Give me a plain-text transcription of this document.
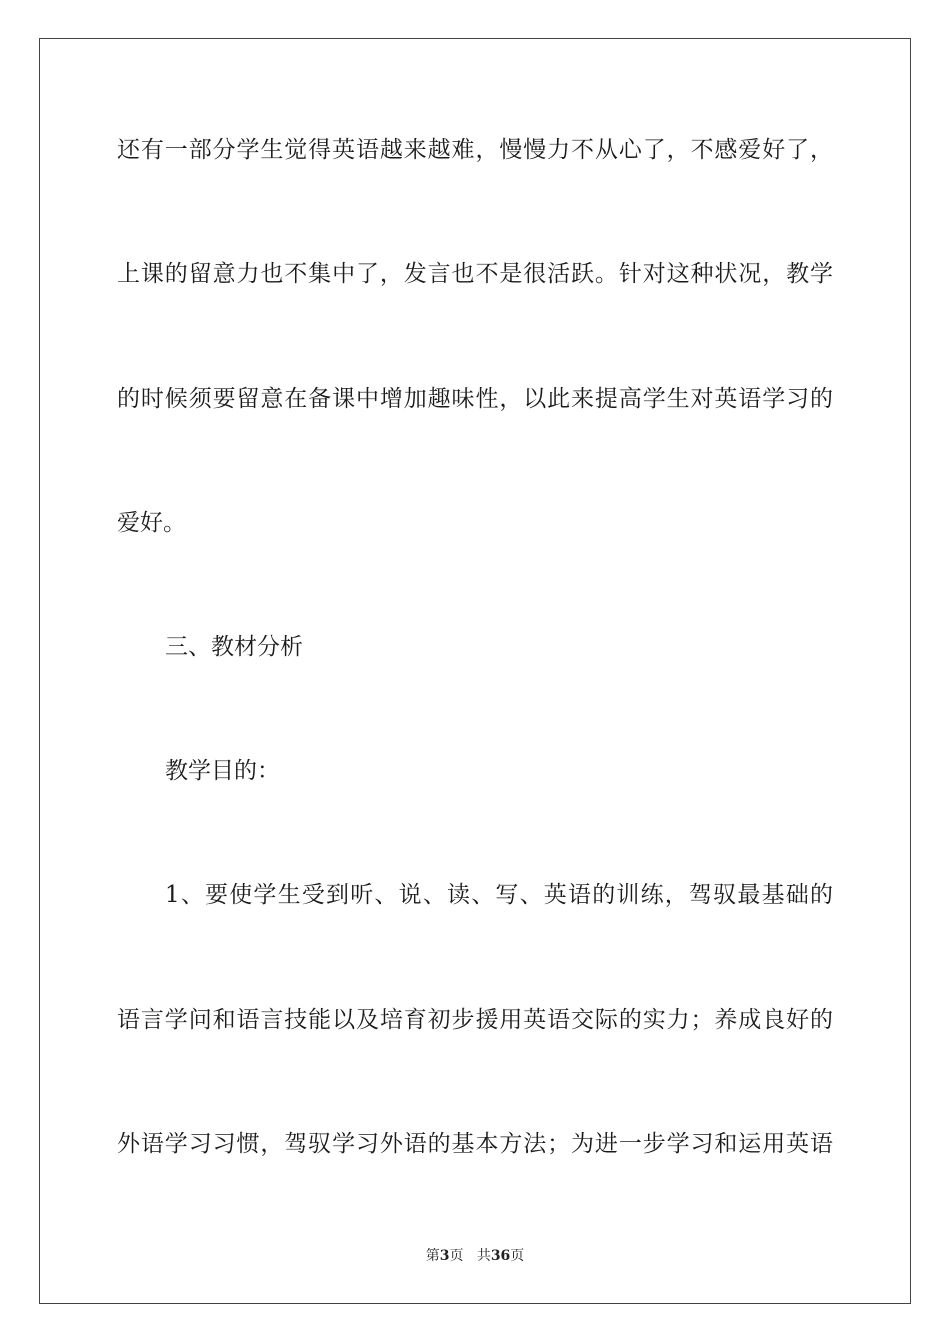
还有一部分学生觉得英语越来越难，慢慢力不从心了，不感爱好了，
上课的留意力也不集中了，发言也不是很活跃。针对这种状况，教学
的时候须要留意在备课中增加趣味性，以此来提高学生对英语学习的
爱好。
三、教材分析
教学目的：
1、要使学生受到听、说、读、写、英语的训练，驾驭最基础的
语言学问和语言技能以及培育初步援用英语交际的实力；养成良好的
外语学习习惯，驾驭学习外语的基本方法；为进一步学习和运用英语
第3页 共36页
